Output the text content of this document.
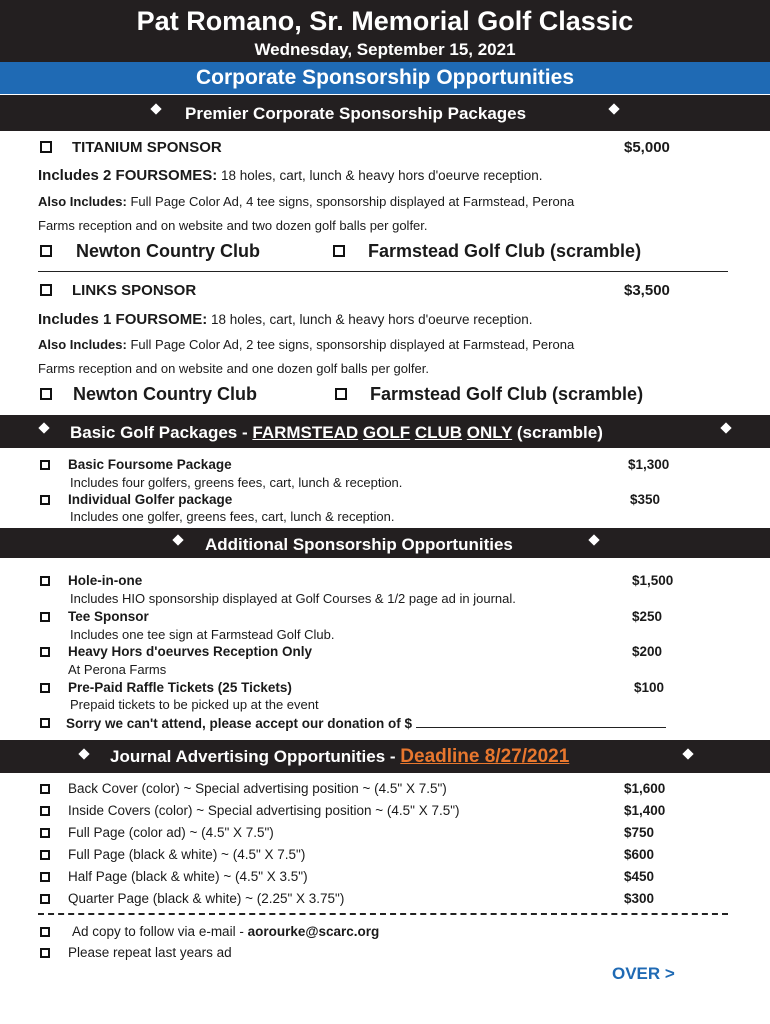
Pat Romano, Sr. Memorial Golf Classic
Wednesday, September 15, 2021
Corporate Sponsorship Opportunities
Premier Corporate Sponsorship Packages
TITANIUM SPONSOR	$5,000
Includes 2 FOURSOMES: 18 holes, cart, lunch & heavy hors d'oeurve reception.
Also Includes: Full Page Color Ad, 4 tee signs, sponsorship displayed at Farmstead, Perona
Farms reception and on website and two dozen golf balls per golfer.
Newton Country Club	Farmstead Golf Club (scramble)
LINKS SPONSOR	$3,500
Includes 1 FOURSOME: 18 holes, cart, lunch & heavy hors d'oeurve reception.
Also Includes: Full Page Color Ad, 2 tee signs, sponsorship displayed at Farmstead, Perona
Farms reception and on website and one dozen golf balls per golfer.
Newton Country Club	Farmstead Golf Club (scramble)
Basic Golf Packages - FARMSTEAD GOLF CLUB ONLY (scramble)
Basic Foursome Package	$1,300
Includes four golfers, greens fees, cart, lunch & reception.
Individual Golfer package	$350
Includes one golfer, greens fees, cart, lunch & reception.
Additional Sponsorship Opportunities
Hole-in-one	$1,500
Includes HIO sponsorship displayed at Golf Courses & 1/2 page ad in journal.
Tee Sponsor	$250
Includes one tee sign at Farmstead Golf Club.
Heavy Hors d'oeurves Reception Only	$200
At Perona Farms
Pre-Paid Raffle Tickets (25 Tickets)	$100
Prepaid tickets to be picked up at the event
Sorry we can't attend, please accept our donation of $
Journal Advertising Opportunities - Deadline 8/27/2021
Back Cover (color) ~ Special advertising position ~ (4.5" X 7.5")	$1,600
Inside Covers (color) ~ Special advertising position ~ (4.5" X 7.5")	$1,400
Full Page (color ad) ~ (4.5" X 7.5")	$750
Full Page (black & white) ~ (4.5" X 7.5")	$600
Half Page (black & white) ~ (4.5" X 3.5")	$450
Quarter Page (black & white) ~ (2.25" X 3.75")	$300
Ad copy to follow via e-mail - aorourke@scarc.org
Please repeat last years ad
OVER >
